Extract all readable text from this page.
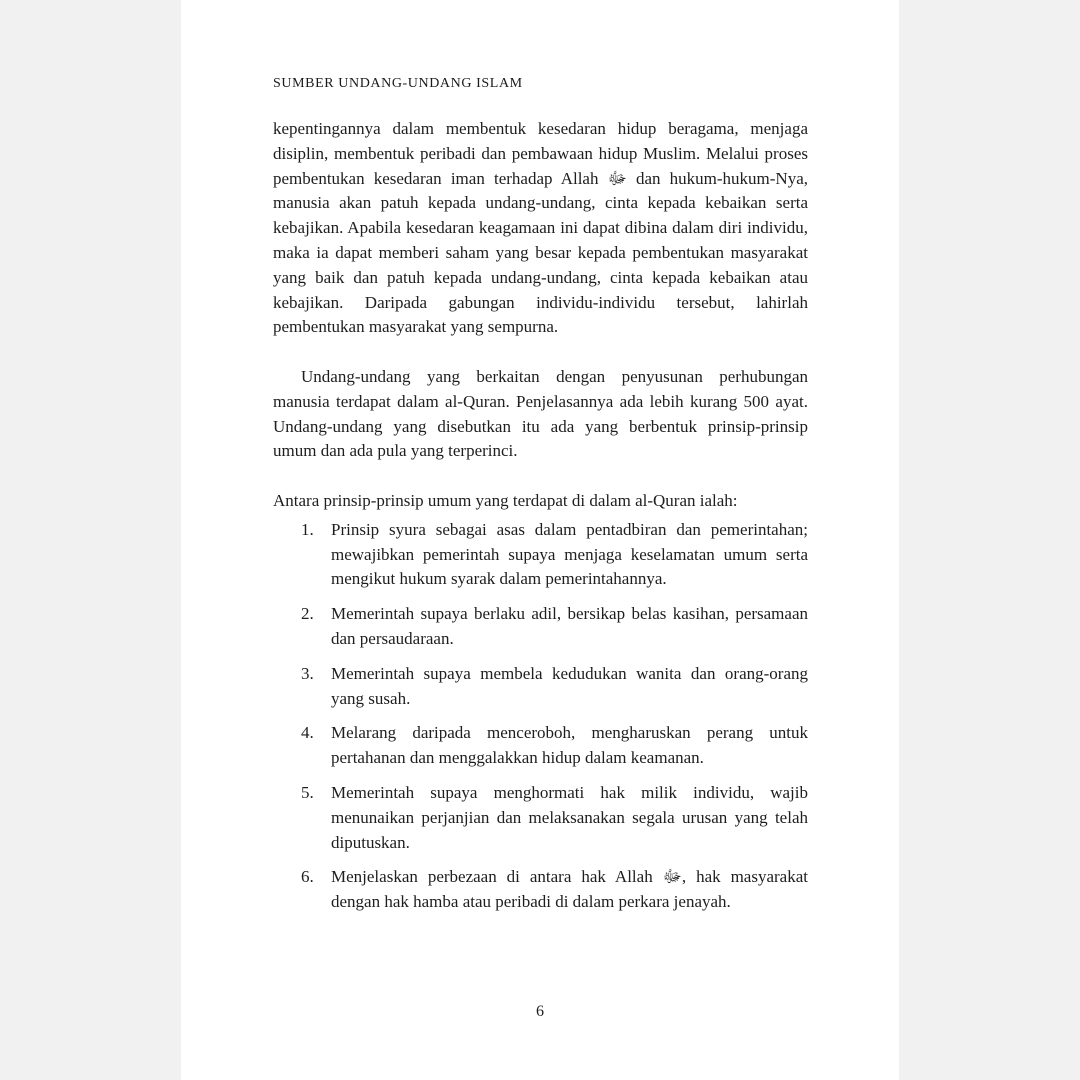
SUMBER UNDANG-UNDANG ISLAM

kepentingannya dalam membentuk kesedaran hidup beragama, menjaga disiplin, membentuk peribadi dan pembawaan hidup Muslim. Melalui proses pembentukan kesedaran iman terhadap Allah ﷻ dan hukum-hukum-Nya, manusia akan patuh kepada undang-undang, cinta kepada kebaikan serta kebajikan. Apabila kesedaran keagamaan ini dapat dibina dalam diri individu, maka ia dapat memberi saham yang besar kepada pembentukan masyarakat yang baik dan patuh kepada undang-undang, cinta kepada kebaikan atau kebajikan. Daripada gabungan individu-individu tersebut, lahirlah pembentukan masyarakat yang sempurna.

Undang-undang yang berkaitan dengan penyusunan perhubungan manusia terdapat dalam al-Quran. Penjelasannya ada lebih kurang 500 ayat. Undang-undang yang disebutkan itu ada yang berbentuk prinsip-prinsip umum dan ada pula yang terperinci.

Antara prinsip-prinsip umum yang terdapat di dalam al-Quran ialah:

1.	Prinsip syura sebagai asas dalam pentadbiran dan pemerintahan; mewajibkan pemerintah supaya menjaga keselamatan umum serta mengikut hukum syarak dalam pemerintahannya.
2.	Memerintah supaya berlaku adil, bersikap belas kasihan, persamaan dan persaudaraan.
3.	Memerintah supaya membela kedudukan wanita dan orang-orang yang susah.
4.	Melarang daripada menceroboh, mengharuskan perang untuk pertahanan dan menggalakkan hidup dalam keamanan.
5.	Memerintah supaya menghormati hak milik individu, wajib menunaikan perjanjian dan melaksanakan segala urusan yang telah diputuskan.
6.	Menjelaskan perbezaan di antara hak Allah ﷻ, hak masyarakat dengan hak hamba atau peribadi di dalam perkara jenayah.
6
